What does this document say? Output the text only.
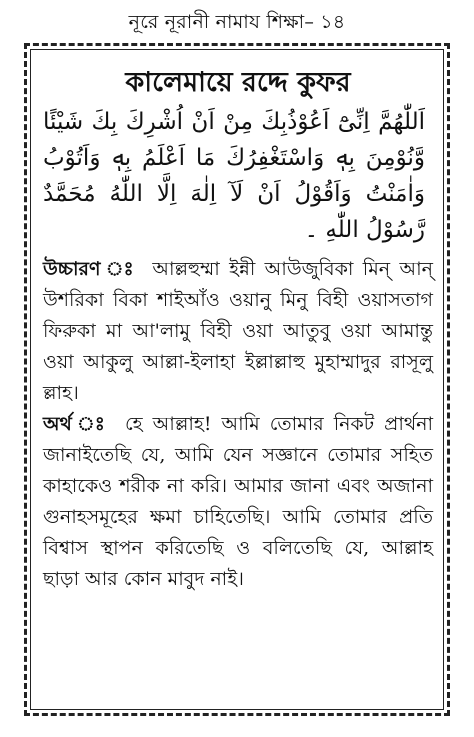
নূরে নূরানী নামায শিক্ষা– ১৪
কালেমায়ে রদ্দে কুফর

اَللّٰهُمَّ اِنِّىْٓ اَعُوْذُبِكَ مِنْ اَنْ اُشْرِكَ بِكَ شَيْئًا وَّنُوْمِنَ بِهٖ وَاسْتَغْفِرُكَ مَا اَعْلَمُ بِهٖ وَاَتُوْبُ وَاٰمَنْتُ وَاَقُوْلُ اَنْ لَآ اِلٰهَ اِلَّا اللّٰهُ مُحَمَّدٌ رَّسُوْلُ اللّٰهِ ۔

উচ্চারণ ঃ আল্লহুম্মা ইন্নী আউজুবিকা মিন্ আন্ উশরিকা বিকা শাইআঁও ওয়ানু মিনু বিহী ওয়াসতাগ ফিরুকা মা আ'লামু বিহী ওয়া আতুবু ওয়া আমান্তু ওয়া আকুলু আল্লা-ইলাহা ইল্লাল্লাহু মুহাম্মাদুর রাসূলু ল্লাহ।

অর্থ ঃ হে আল্লাহ! আমি তোমার নিকট প্রার্থনা জানাইতেছি যে, আমি যেন সজ্ঞানে তোমার সহিত কাহাকেও শরীক না করি। আমার জানা এবং অজানা গুনাহসমূহের ক্ষমা চাহিতেছি। আমি তোমার প্রতি বিশ্বাস স্থাপন করিতেছি ও বলিতেছি যে, আল্লাহ ছাড়া আর কোন মাবুদ নাই।
